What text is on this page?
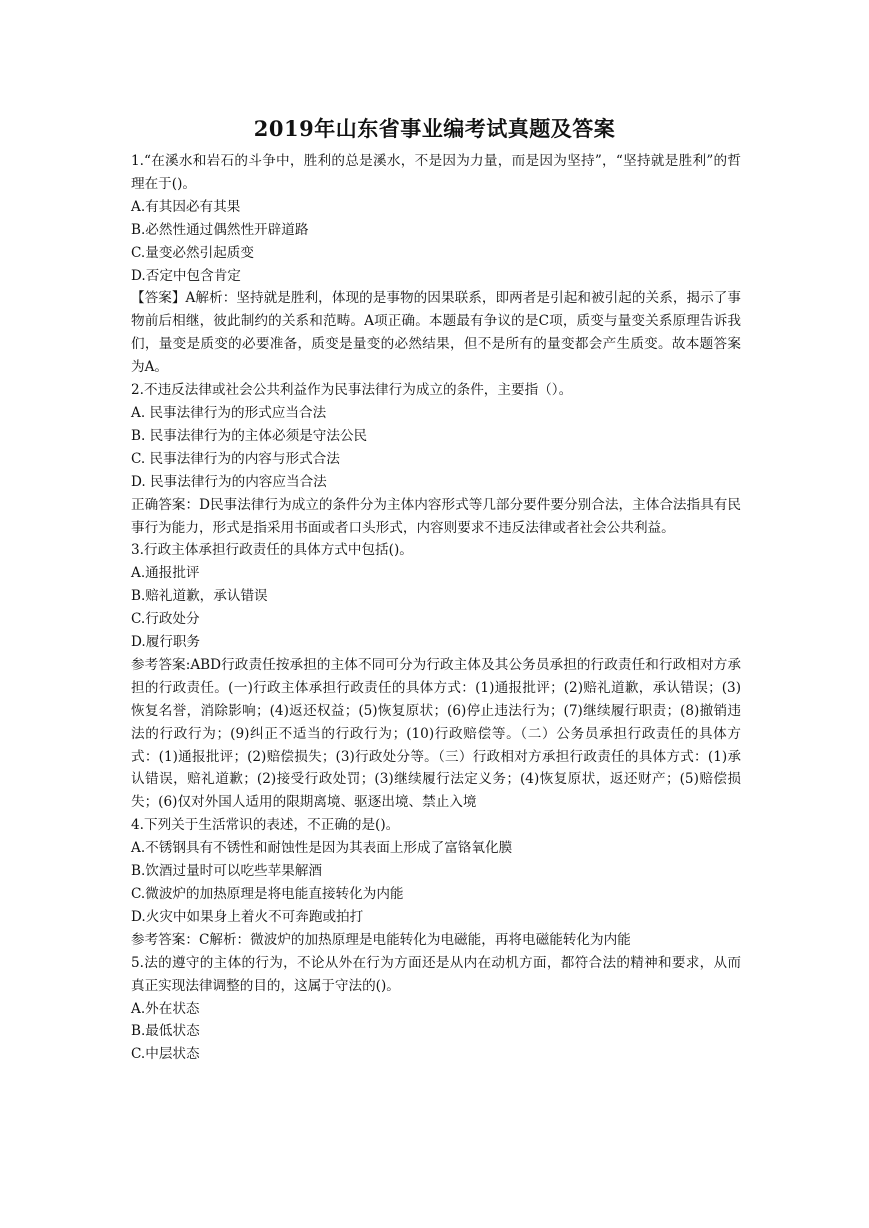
2019年山东省事业编考试真题及答案
1.“在溪水和岩石的斗争中，胜利的总是溪水，不是因为力量，而是因为坚持”，“坚持就是胜利”的哲理在于()。
A.有其因必有其果
B.必然性通过偶然性开辟道路
C.量变必然引起质变
D.否定中包含肯定
【答案】A解析：坚持就是胜利，体现的是事物的因果联系，即两者是引起和被引起的关系，揭示了事物前后相继，彼此制约的关系和范畴。A项正确。本题最有争议的是C项，质变与量变关系原理告诉我们，量变是质变的必要准备，质变是量变的必然结果，但不是所有的量变都会产生质变。故本题答案为A。
2.不违反法律或社会公共利益作为民事法律行为成立的条件，主要指（）。
A. 民事法律行为的形式应当合法
B. 民事法律行为的主体必须是守法公民
C. 民事法律行为的内容与形式合法
D. 民事法律行为的内容应当合法
正确答案：D民事法律行为成立的条件分为主体内容形式等几部分要件要分别合法，主体合法指具有民事行为能力，形式是指采用书面或者口头形式，内容则要求不违反法律或者社会公共利益。
3.行政主体承担行政责任的具体方式中包括()。
A.通报批评
B.赔礼道歉，承认错误
C.行政处分
D.履行职务
参考答案:ABD行政责任按承担的主体不同可分为行政主体及其公务员承担的行政责任和行政相对方承担的行政责任。(一)行政主体承担行政责任的具体方式：(1)通报批评；(2)赔礼道歉，承认错误；(3)恢复名誉，消除影响；(4)返还权益；(5)恢复原状；(6)停止违法行为；(7)继续履行职责；(8)撤销违法的行政行为；(9)纠正不适当的行政行为；(10)行政赔偿等。（二）公务员承担行政责任的具体方式：(1)通报批评；(2)赔偿损失；(3)行政处分等。（三）行政相对方承担行政责任的具体方式：(1)承认错误，赔礼道歉；(2)接受行政处罚；(3)继续履行法定义务；(4)恢复原状，返还财产；(5)赔偿损失；(6)仅对外国人适用的限期离境、驱逐出境、禁止入境
4.下列关于生活常识的表述，不正确的是()。
A.不锈钢具有不锈性和耐蚀性是因为其表面上形成了富铬氧化膜
B.饮酒过量时可以吃些苹果解酒
C.微波炉的加热原理是将电能直接转化为内能
D.火灾中如果身上着火不可奔跑或拍打
参考答案：C解析：微波炉的加热原理是电能转化为电磁能，再将电磁能转化为内能
5.法的遵守的主体的行为，不论从外在行为方面还是从内在动机方面，都符合法的精神和要求，从而真正实现法律调整的目的，这属于守法的()。
A.外在状态
B.最低状态
C.中层状态
